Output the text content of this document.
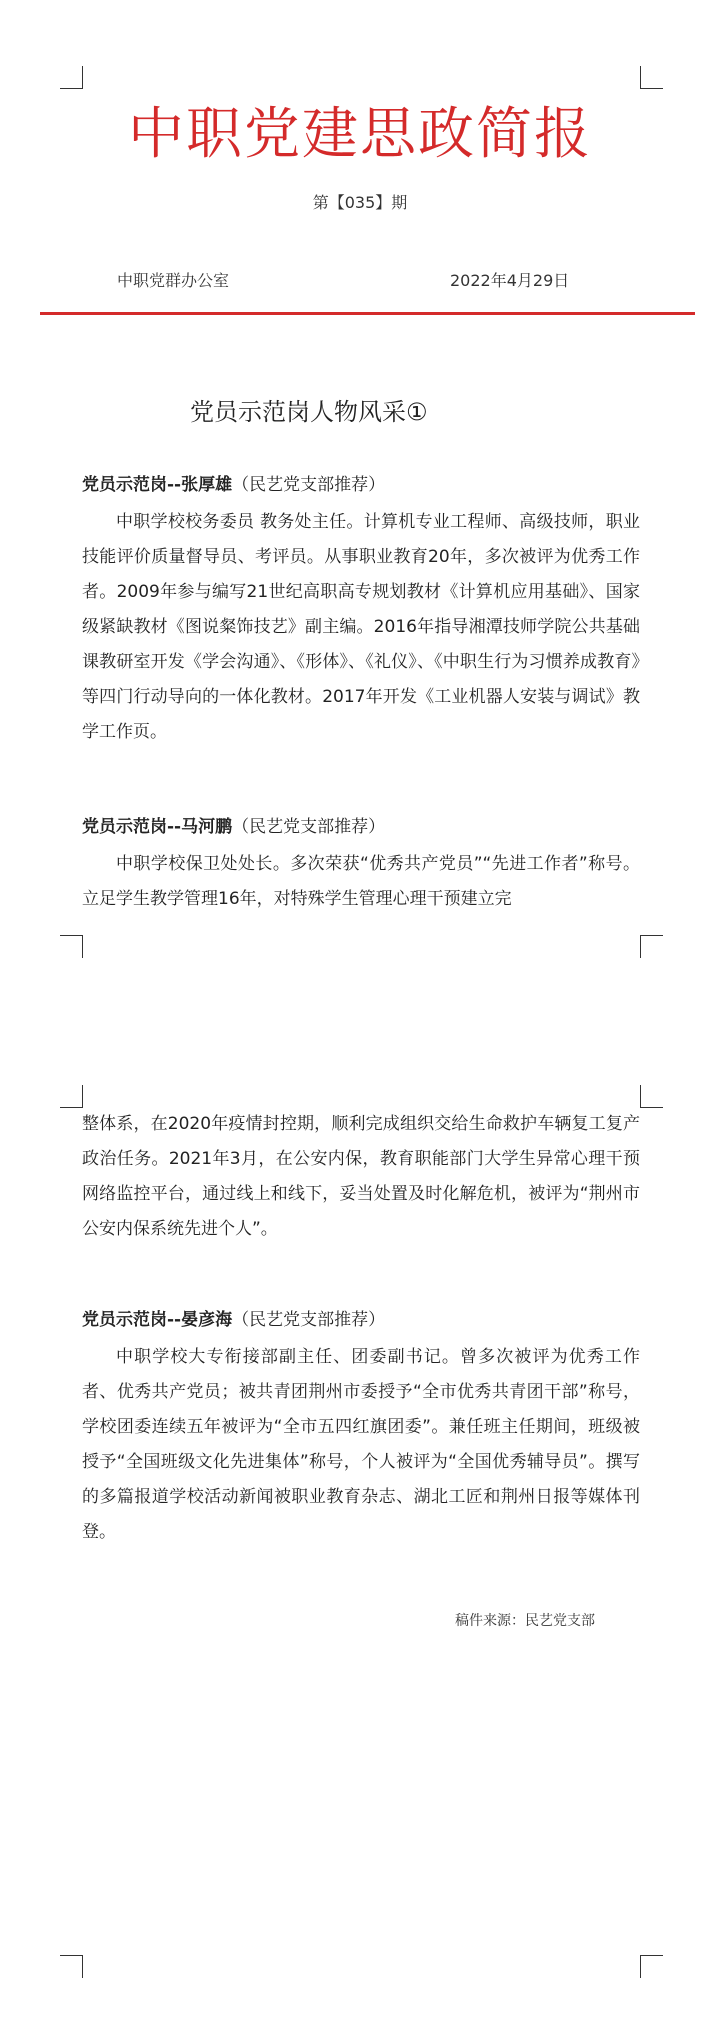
中职党建思政简报
第【035】期
中职党群办公室	2022年4月29日
党员示范岗人物风采①
党员示范岗--张厚雄（民艺党支部推荐）
中职学校校务委员 教务处主任。计算机专业工程师、高级技师，职业技能评价质量督导员、考评员。从事职业教育20年，多次被评为优秀工作者。2009年参与编写21世纪高职高专规划教材《计算机应用基础》、国家级紧缺教材《图说粲饰技艺》副主编。2016年指导湘潭技师学院公共基础课教研室开发《学会沟通》、《形体》、《礼仪》、《中职生行为习惯养成教育》等四门行动导向的一体化教材。2017年开发《工业机器人安装与调试》教学工作页。
党员示范岗--马河鹏（民艺党支部推荐）
中职学校保卫处处长。多次荣获“优秀共产党员”“先进工作者”称号。立足学生教学管理16年，对特殊学生管理心理干预建立完
整体系，在2020年疫情封控期，顺利完成组织交给生命救护车辆复工复产政治任务。2021年3月，在公安内保，教育职能部门大学生异常心理干预网络监控平台，通过线上和线下，妥当处置及时化解危机，被评为“荆州市公安内保系统先进个人”。
党员示范岗--晏彦海（民艺党支部推荐）
中职学校大专衔接部副主任、团委副书记。曾多次被评为优秀工作者、优秀共产党员；被共青团荆州市委授予“全市优秀共青团干部”称号，学校团委连续五年被评为“全市五四红旗团委”。兼任班主任期间，班级被授予“全国班级文化先进集体”称号，个人被评为“全国优秀辅导员”。撰写的多篇报道学校活动新闻被职业教育杂志、湖北工匠和荆州日报等媒体刊登。
稿件来源：民艺党支部
